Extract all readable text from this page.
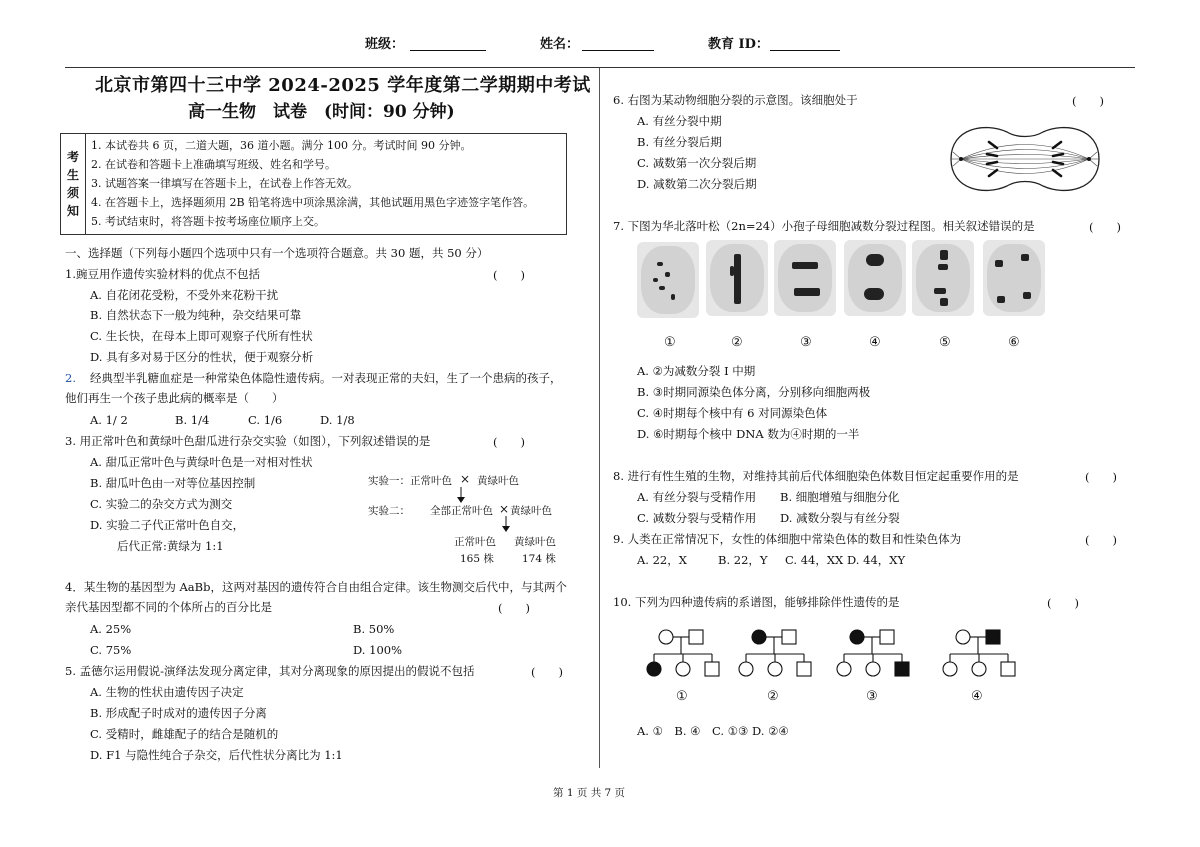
班级：	姓名：	教育 ID：
北京市第四十三中学 2024-2025 学年度第二学期期中考试
高一生物　试卷　(时间：90 分钟)
考
生
须
知
1. 本试卷共 6 页，二道大题，36 道小题。满分 100 分。考试时间 90 分钟。
2. 在试卷和答题卡上准确填写班级、姓名和学号。
3. 试题答案一律填写在答题卡上，在试卷上作答无效。
4. 在答题卡上，选择题须用 2B 铅笔将选中项涂黑涂满，其他试题用黑色字迹签字笔作答。
5. 考试结束时，将答题卡按考场座位顺序上交。
一、选择题（下列每小题四个选项中只有一个选项符合题意。共 30 题，共 50 分）
1.豌豆用作遗传实验材料的优点不包括	(　　)
A. 自花闭花受粉，不受外来花粉干扰
B. 自然状态下一般为纯种，杂交结果可靠
C. 生长快，在母本上即可观察子代所有性状
D. 具有多对易于区分的性状，便于观察分析
2. 经典型半乳糖血症是一种常染色体隐性遗传病。一对表现正常的夫妇，生了一个患病的孩子，
他们再生一个孩子患此病的概率是（　　）
A. 1/ 2	B. 1/4	C. 1/6	D. 1/8
3. 用正常叶色和黄绿叶色甜瓜进行杂交实验（如图），下列叙述错误的是	(　　)
A. 甜瓜正常叶色与黄绿叶色是一对相对性状
B. 甜瓜叶色由一对等位基因控制
C. 实验二的杂交方式为测交
D. 实验二子代正常叶色自交，
后代正常:黄绿为 1:1
实验一： 正常叶色 × 黄绿叶色
实验二： 全部正常叶色 × 黄绿叶色
正常叶色 黄绿叶色
165 株	174 株
4．某生物的基因型为 AaBb，这两对基因的遗传符合自由组合定律。该生物测交后代中，与其两个
亲代基因型都不同的个体所占的百分比是	(　　)
A. 25%	B. 50%
C. 75%	D. 100%
5. 孟德尔运用假说-演绎法发现分离定律，其对分离现象的原因提出的假说不包括	(　　)
A. 生物的性状由遗传因子决定
B. 形成配子时成对的遗传因子分离
C. 受精时，雌雄配子的结合是随机的
D. F1 与隐性纯合子杂交，后代性状分离比为 1:1
6. 右图为某动物细胞分裂的示意图。该细胞处于	(　　)
A. 有丝分裂中期
B. 有丝分裂后期
C. 减数第一次分裂后期
D. 减数第二次分裂后期
7. 下图为华北落叶松（2n=24）小孢子母细胞减数分裂过程图。相关叙述错误的是	(　　)
①	②	③	④	⑤	⑥
A. ②为减数分裂 I 中期
B. ③时期同源染色体分离，分别移向细胞两极
C. ④时期每个核中有 6 对同源染色体
D. ⑥时期每个核中 DNA 数为④时期的一半
8. 进行有性生殖的生物，对维持其前后代体细胞染色体数目恒定起重要作用的是	(　　)
A. 有丝分裂与受精作用 B. 细胞增殖与细胞分化
C. 减数分裂与受精作用 D. 减数分裂与有丝分裂
9. 人类在正常情况下，女性的体细胞中常染色体的数目和性染色体为	(　　)
A. 22，X	B. 22，Y C. 44，XX D. 44，XY
10. 下列为四种遗传病的系谱图，能够排除伴性遗传的是	(　　)
①	②	③	④
A. ①　B. ④　C. ①③ D. ②④
第 1 页 共 7 页
